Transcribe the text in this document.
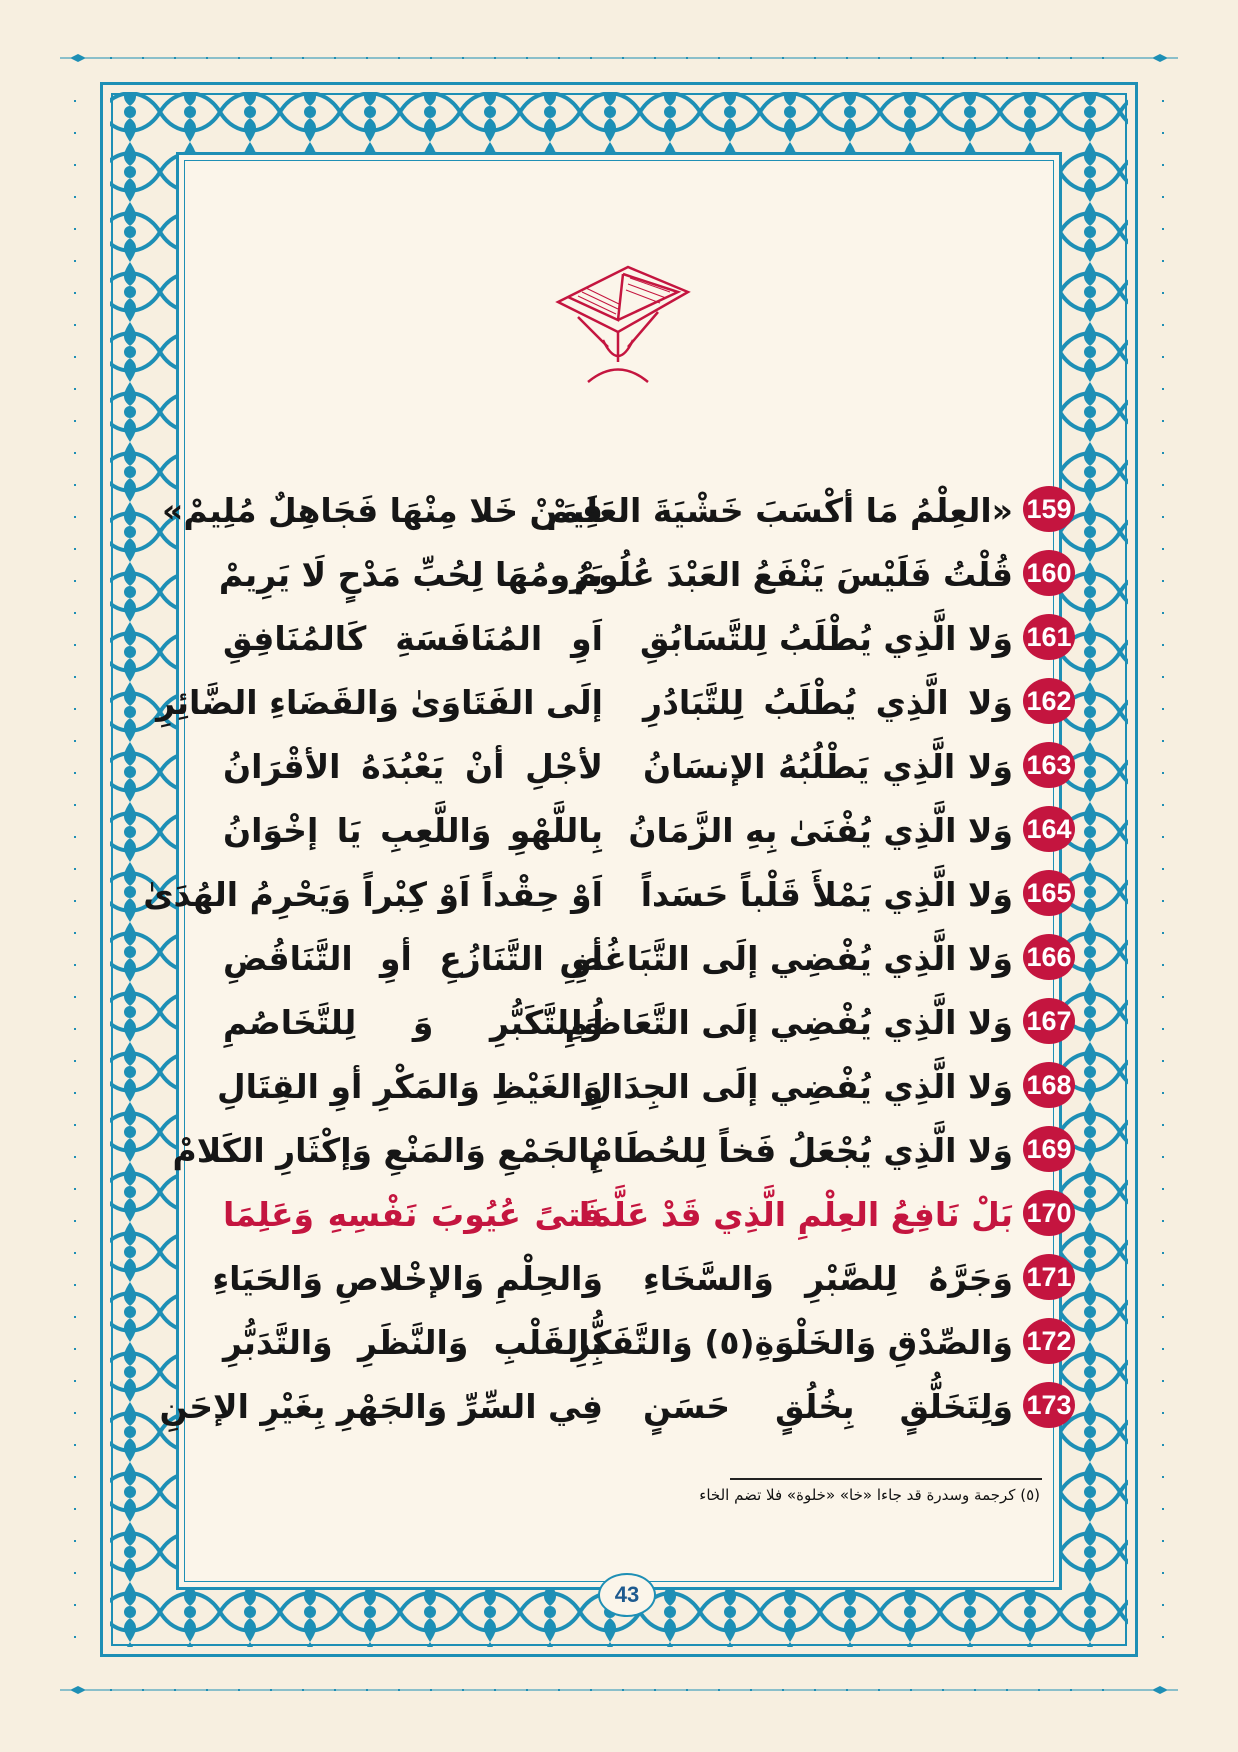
159
«العِلْمُ مَا أكْسَبَ خَشْيَةَ العَلِيمْ
فَمَنْ خَلا مِنْهَا فَجَاهِلٌ مُلِيمْ»
160
قُلْتُ فَلَيْسَ يَنْفَعُ العَبْدَ عُلُومْ
يَرُومُهَا لِحُبِّ مَدْحٍ لَا يَرِيمْ
161
وَلا الَّذِي يُطْلَبُ لِلتَّسَابُقِ
اَوِ المُنَافَسَةِ كَالمُنَافِقِ
162
وَلا الَّذِي يُطْلَبُ لِلتَّبَادُرِ
إلَى الفَتَاوَىٰ وَالقَضَاءِ الضَّائِرِ
163
وَلا الَّذِي يَطْلُبُهُ الإنسَانُ
لأجْلِ أنْ يَعْبُدَهُ الأقْرَانُ
164
وَلا الَّذِي يُفْنَىٰ بِهِ الزَّمَانُ
بِاللَّهْوِ وَاللَّعِبِ يَا إخْوَانُ
165
وَلا الَّذِي يَمْلأَ قَلْباً حَسَداً
اَوْ حِقْداً اَوْ كِبْراً وَيَحْرِمُ الهُدَىٰ
166
وَلا الَّذِي يُفْضِي إلَى التَّبَاغُضِ
أوِ التَّنَازُعِ أوِ التَّنَاقُضِ
167
وَلا الَّذِي يُفْضِي إلَى التَّعَاظُمِ
وَلِلتَّكَبُّرِ وَ لِلتَّخَاصُمِ
168
وَلا الَّذِي يُفْضِي إلَى الجِدَالِ
وَالغَيْظِ وَالمَكْرِ أوِ القِتَالِ
169
وَلا الَّذِي يُجْعَلُ فَخاً لِلحُطَامْ
بِالجَمْعِ وَالمَنْعِ وَإكْثَارِ الكَلامْ
170
بَلْ نَافِعُ العِلْمِ الَّذِي قَدْ عَلَّمَا
فَتىً عُيُوبَ نَفْسِهِ وَعَلِمَا
171
وَجَرَّهُ لِلصَّبْرِ وَالسَّخَاءِ
وَالحِلْمِ وَالإخْلاصِ وَالحَيَاءِ
172
وَالصِّدْقِ وَالخَلْوَةِ(٥) وَالتَّفَكُّرِ
بِالقَلْبِ وَالنَّظَرِ وَالتَّدَبُّرِ
173
وَلِتَخَلُّقٍ بِخُلُقٍ حَسَنٍ
فِي السِّرِّ وَالجَهْرِ بِغَيْرِ الإحَنِ
(٥) كرجمة وسدرة قد جاءا «خا» «خلوة» فلا تضم الخاء
43
